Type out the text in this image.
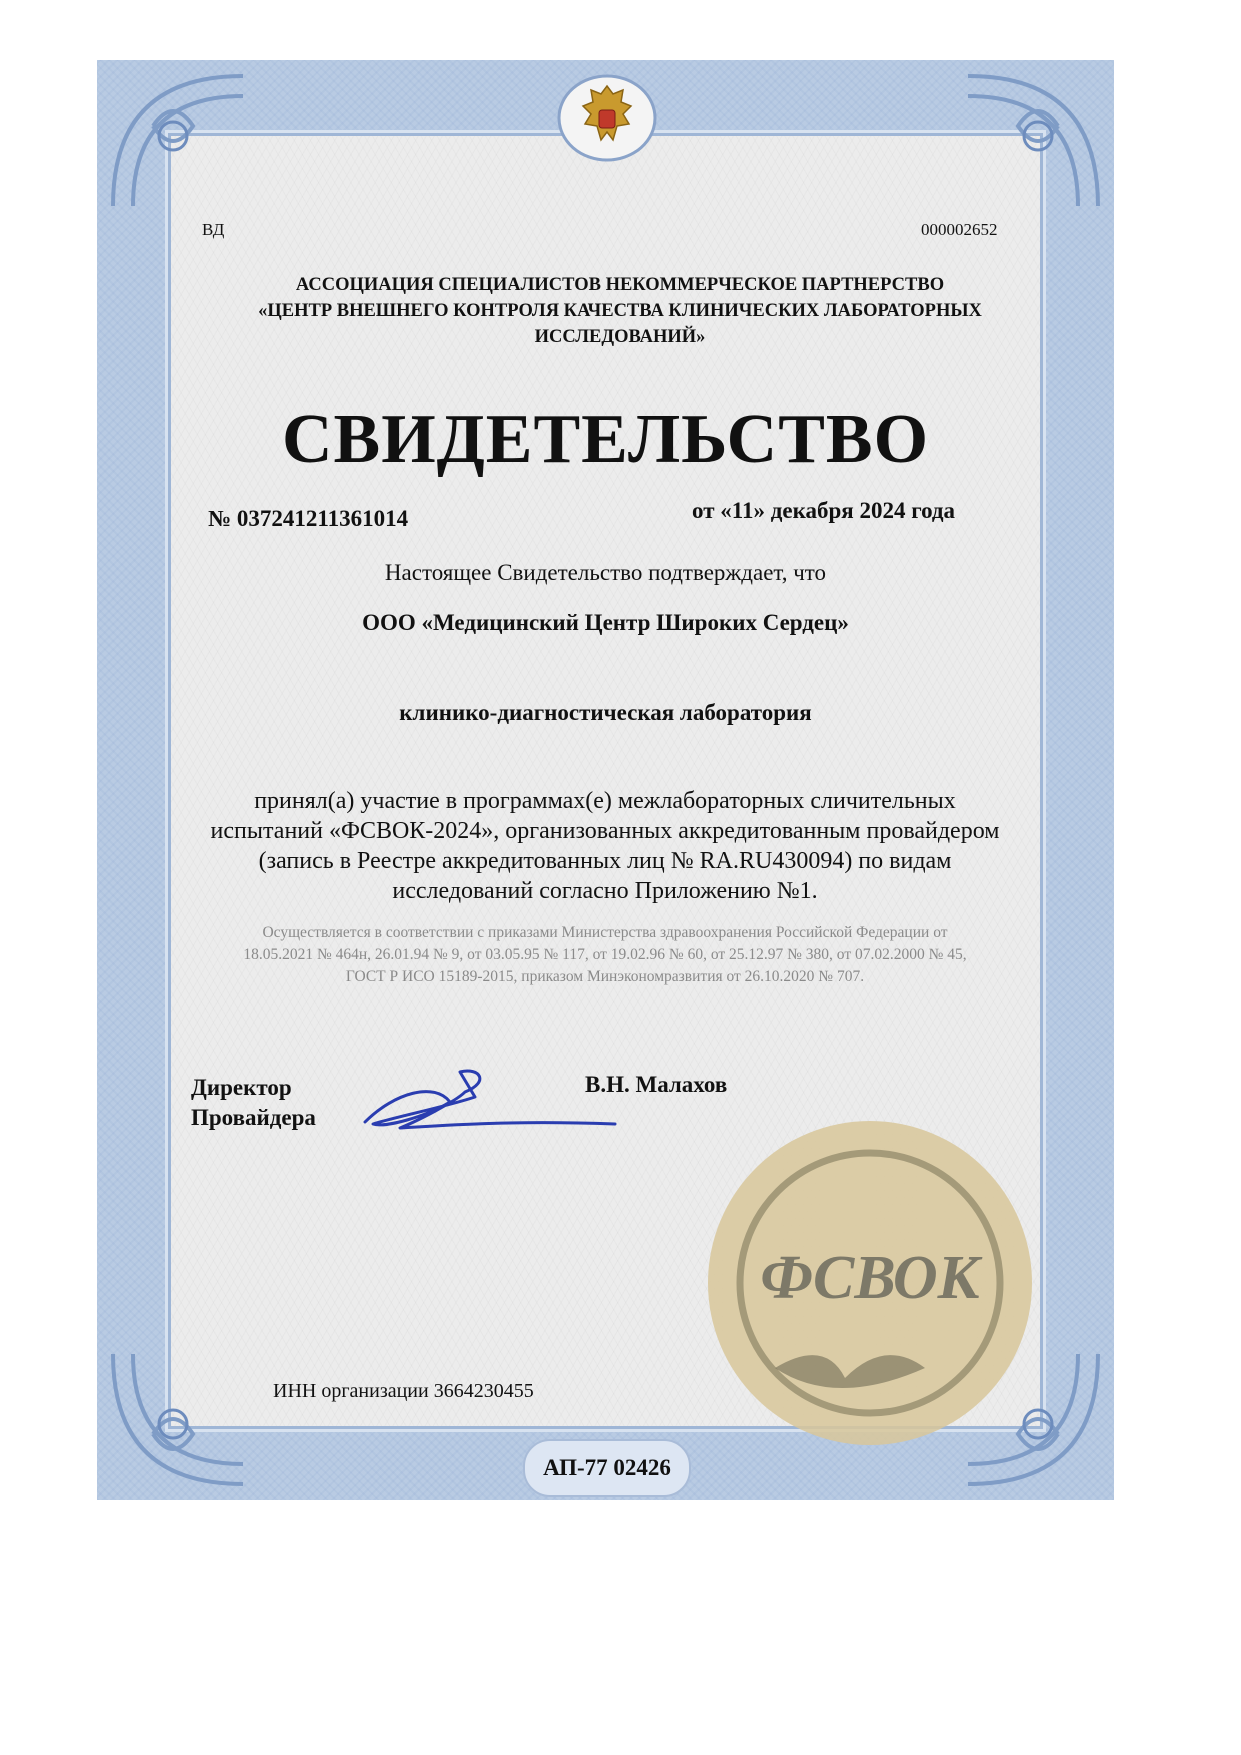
ВД	000002652
АССОЦИАЦИЯ СПЕЦИАЛИСТОВ НЕКОММЕРЧЕСКОЕ ПАРТНЕРСТВО
«ЦЕНТР ВНЕШНЕГО КОНТРОЛЯ КАЧЕСТВА КЛИНИЧЕСКИХ ЛАБОРАТОРНЫХ
ИССЛЕДОВАНИЙ»
СВИДЕТЕЛЬСТВО
№ 037241211361014	от «11» декабря 2024 года
Настоящее Свидетельство подтверждает, что
ООО «Медицинский Центр Широких Сердец»
клинико-диагностическая лаборатория
принял(а) участие в программах(е) межлабораторных сличительных
испытаний «ФСВОК-2024», организованных аккредитованным провайдером
(запись в Реестре аккредитованных лиц № RA.RU430094) по видам
исследований согласно Приложению №1.
Осуществляется в соответствии с приказами Министерства здравоохранения Российской Федерации от
18.05.2021 № 464н, 26.01.94 № 9, от 03.05.95 № 117, от 19.02.96 № 60, от 25.12.97 № 380, от 07.02.2000 № 45,
ГОСТ Р ИСО 15189-2015, приказом Минэкономразвития от 26.10.2020 № 707.
Директор
Провайдера
В.Н. Малахов
ФСВОК
ИНН организации 3664230455
АП-77 02426
